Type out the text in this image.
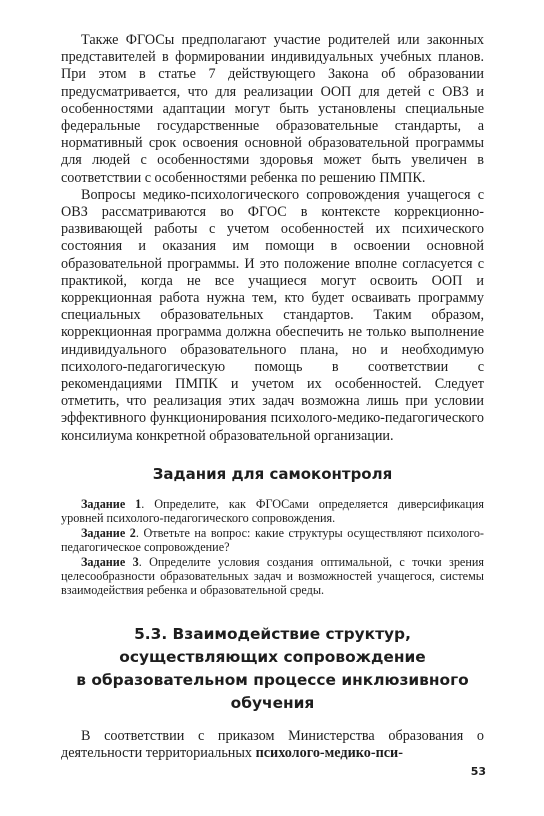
Также ФГОСы предполагают участие родителей или законных представителей в формировании индивидуальных учебных планов. При этом в статье 7 действующего Закона об образовании предусматривается, что для реализации ООП для детей с ОВЗ и особенностями адаптации могут быть установлены специальные федеральные государственные образовательные стандарты, а нормативный срок освоения основной образовательной программы для людей с особенностями здоровья может быть увеличен в соответствии с особенностями ребенка по решению ПМПК.

Вопросы медико-психологического сопровождения учащегося с ОВЗ рассматриваются во ФГОС в контексте коррекционно-развивающей работы с учетом особенностей их психического состояния и оказания им помощи в освоении основной образовательной программы. И это положение вполне согласуется с практикой, когда не все учащиеся могут освоить ООП и коррекционная работа нужна тем, кто будет осваивать программу специальных образовательных стандартов. Таким образом, коррекционная программа должна обеспечить не только выполнение индивидуального образовательного плана, но и необходимую психолого-педагогическую помощь в соответствии с рекомендациями ПМПК и учетом их особенностей. Следует отметить, что реализация этих задач возможна лишь при условии эффективного функционирования психолого-медико-педагогического консилиума конкретной образовательной организации.

Задания для самоконтроля

Задание 1. Определите, как ФГОСами определяется диверсификация уровней психолого-педагогического сопровождения.

Задание 2. Ответьте на вопрос: какие структуры осуществляют психолого-педагогическое сопровождение?

Задание 3. Определите условия создания оптимальной, с точки зрения целесообразности образовательных задач и возможностей учащегося, системы взаимодействия ребенка и образовательной среды.

5.3. Взаимодействие структур,
осуществляющих сопровождение
в образовательном процессе инклюзивного обучения

В соответствии с приказом Министерства образования о деятельности территориальных психолого-медико-пси-

53
